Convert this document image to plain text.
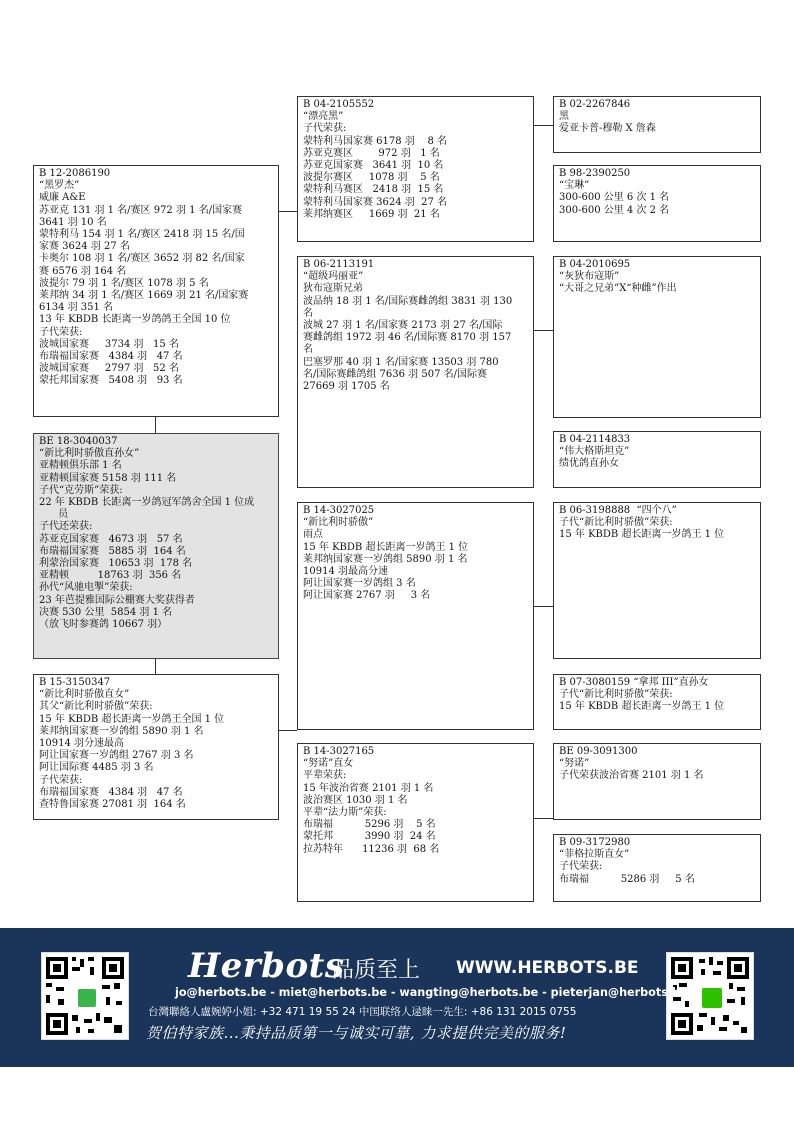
B 12-2086190
“黑罗杰”
威廉 A&E
苏亚克 131 羽 1 名/赛区 972 羽 1 名/国家赛
3641 羽 10 名
蒙特利马 154 羽 1 名/赛区 2418 羽 15 名/国
家赛 3624 羽 27 名
卡奥尔 108 羽 1 名/赛区 3652 羽 82 名/国家
赛 6576 羽 164 名
波提尔 79 羽 1 名/赛区 1078 羽 5 名
莱邦纳 34 羽 1 名/赛区 1669 羽 21 名/国家赛
6134 羽 351 名
13 年 KBDB 长距离一岁鸽鸽王全国 10 位
子代荣获:
波城国家赛     3734 羽   15 名
布瑞福国家赛   4384 羽   47 名
波城国家赛     2797 羽   52 名
蒙托邦国家赛   5408 羽   93 名
BE 18-3040037
“新比利时骄傲直孙女”
亚精顿俱乐部 1 名
亚精顿国家赛 5158 羽 111 名
子代“克劳斯”荣获:
22 年 KBDB 长距离一岁鸽冠军鸽舍全国 1 位成
员
子代还荣获:
苏亚克国家赛   4673 羽   57 名
布瑞福国家赛   5885 羽  164 名
利蒙治国家赛   10653 羽  178 名
亚精顿         18763 羽  356 名
孙代“风驰电掣”荣获:
23 年芭提雅国际公棚赛大奖获得者
决赛 530 公里  5854 羽 1 名
（放飞时参赛鸽 10667 羽）
B 15-3150347
“新比利时骄傲直女”
其父“新比利时骄傲”荣获:
15 年 KBDB 超长距离一岁鸽王全国 1 位
莱邦纳国家赛一岁鸽组 5890 羽 1 名
10914 羽分速最高
阿让国家赛一岁鸽组 2767 羽 3 名
阿让国际赛 4485 羽 3 名
子代荣获:
布瑞福国家赛   4384 羽   47 名
查特鲁国家赛 27081 羽  164 名
B 04-2105552
“漂亮黑”
子代荣获:
蒙特利马国家赛 6178 羽    8 名
苏亚克赛区        972 羽   1 名
苏亚克国家赛   3641 羽  10 名
波提尔赛区     1078 羽    5 名
蒙特利马赛区   2418 羽  15 名
蒙特利马国家赛 3624 羽  27 名
莱邦纳赛区     1669 羽  21 名
B 06-2113191
“超级玛丽亚”
狄布寇斯兄弟
波品纳 18 羽 1 名/国际赛雌鸽组 3831 羽 130
名
波城 27 羽 1 名/国家赛 2173 羽 27 名/国际
赛雌鸽组 1972 羽 46 名/国际赛 8170 羽 157
名
巴塞罗那 40 羽 1 名/国家赛 13503 羽 780
名/国际赛雌鸽组 7636 羽 507 名/国际赛
27669 羽 1705 名
B 14-3027025
“新比利时骄傲”
雨点
15 年 KBDB 超长距离一岁鸽王 1 位
莱邦纳国家赛一岁鸽组 5890 羽 1 名
10914 羽最高分速
阿让国家赛一岁鸽组 3 名
阿让国家赛 2767 羽     3 名
B 14-3027165
“努诺”直女
平辈荣获:
15 年波治省赛 2101 羽 1 名
波治赛区 1030 羽 1 名
平辈“法力斯”荣获:
布瑞福          5296 羽    5 名
蒙托邦          3990 羽  24 名
拉苏特年      11236 羽  68 名
B 02-2267846
黑
爱亚卡普-穆勒 X 詹森
B 98-2390250
“宝琳”
300-600 公里 6 次 1 名
300-600 公里 4 次 2 名
B 04-2010695
“灰狄布寇斯”
“大哥之兄弟”X“种雌”作出
B 04-2114833
“伟大格斯坦克”
绩优鸽直孙女
B 06-3198888  “四个八”
子代“新比利时骄傲”荣获:
15 年 KBDB 超长距离一岁鸽王 1 位
B 07-3080159 “拿邦 III”直孙女
子代“新比利时骄傲”荣获:
15 年 KBDB 超长距离一岁鸽王 1 位
BE 09-3091300
“努诺”
子代荣获波治省赛 2101 羽 1 名
B 09-3172980
“菲格拉斯直女”
子代荣获:
布瑞福          5286 羽     5 名
Herbots
品质至上 WWW.HERBOTS.BE
jo@herbots.be - miet@herbots.be - wangting@herbots.be - pieterjan@herbots.be
台灣聯絡人盧婉婷小姐: +32 471 19 55 24 中国联络人逯睐一先生: +86 131 2015 0755
贺伯特家族...秉持品质第一与诚实可靠, 力求提供完美的服务!
